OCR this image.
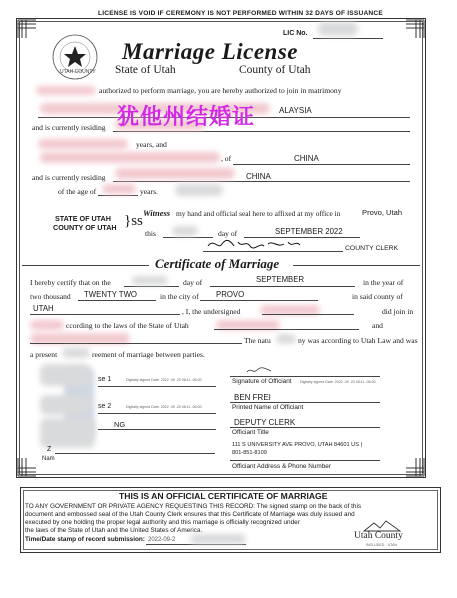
LICENSE IS VOID IF CEREMONY IS NOT PERFORMED WITHIN 32 DAYS OF ISSUANCE
UTAH COUNTY
LIC No.
Marriage License
State of Utah	County of Utah
authorized to perform marriage, you are hereby authorized to join in matrimony
ALAYSIA
and is currently residing
years, and
, of	CHINA
and is currently residing	CHINA
of the age of	years.
犹他州结婚证
STATE OF UTAH
COUNTY OF UTAH }ss Witness my hand and official seal here to affixed at my office in	Provo, Utah
this	day of	SEPTEMBER 2022
COUNTY CLERK
Certificate of Marriage
I hereby certify that on the	day of	SEPTEMBER	in the year of
two thousand TWENTY TWO	in the city of PROVO	in said county of
UTAH	, I, the undersigned	did join in
ccording to the laws of the State of Utah	and
The natu	ny was according to Utah Law and was
a present	reement of marriage between parties.
se 1	Digitally signed Date: 2022 .09 .20 08:11 -06:00
se 2	Digitally signed Date: 2022 .09 .20 08:11 -06:00
NG
Z
Nam
Signature of Officiant Digitally signed Date: 2022 .09 .20 08:11 -06:00
BEN FREI
Printed Name of Officiant
DEPUTY CLERK
Officiant Title
111 S UNIVERSITY AVE PROVO, UTAH 84601 US |
801-851-8109
Officiant Address & Phone Number
THIS IS AN OFFICIAL CERTIFICATE OF MARRIAGE
TO ANY GOVERNMENT OR PRIVATE AGENCY REQUESTING THIS RECORD: The signed stamp on the back of this
document and embossed seal of the Utah County Clerk ensures that this Certificate of Marriage was duly issued and
executed by one holding the proper legal authority and this marriage is officially recognized under
the laws of the State of Utah and the United States of America.
Time/Date stamp of record submission: 2022-09-2	Utah County
INCLUDED · UTAH
